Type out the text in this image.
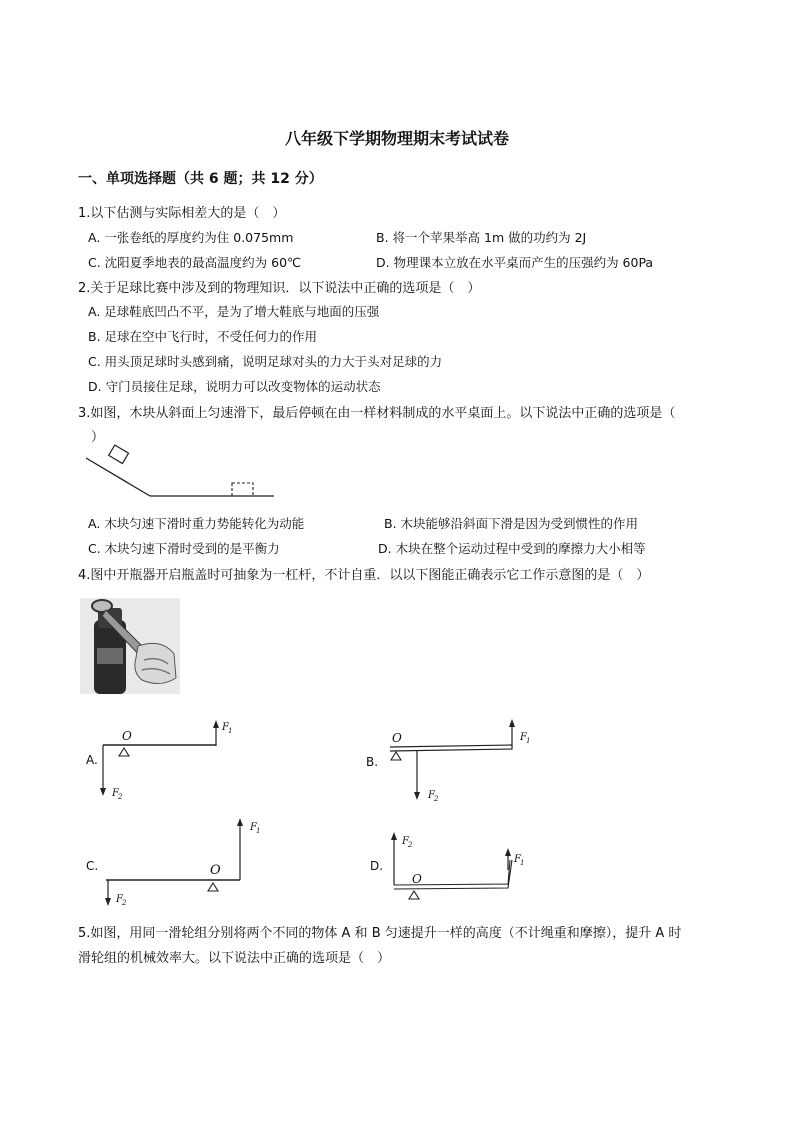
八年级下学期物理期末考试试卷
一、单项选择题（共 6 题；共 12 分）
1.以下估测与实际相差大的是（　）
A. 一张卷纸的厚度约为住 0.075mm	B. 将一个苹果举高 1m 做的功约为 2J
C. 沈阳夏季地表的最高温度约为 60℃	D. 物理课本立放在水平桌而产生的压强约为 60Pa
2.关于足球比赛中涉及到的物理知识．以下说法中正确的选项是（　）
A. 足球鞋底凹凸不平，是为了增大鞋底与地面的压强
B. 足球在空中飞行时，不受任何力的作用
C. 用头顶足球时头感到痛，说明足球对头的力大于头对足球的力
D. 守门员接住足球，说明力可以改变物体的运动状态
3.如图，木块从斜面上匀速滑下，最后停顿在由一样材料制成的水平桌面上。以下说法中正确的选项是（
　）
A. 木块匀速下滑时重力势能转化为动能	B. 木块能够沿斜面下滑是因为受到惯性的作用
C. 木块匀速下滑时受到的是平衡力	D. 木块在整个运动过程中受到的摩擦力大小相等
4.图中开瓶器开启瓶盖时可抽象为一杠杆，不计自重．以以下图能正确表示它工作示意图的是（　）
A.
O
F 1
F 2
B.
O	F 1
F 2
C.	O
F 1
F 2
D.
O
F 2
F 1
5.如图，用同一滑轮组分别将两个不同的物体 A 和 B 匀速提升一样的高度（不计绳重和摩擦），提升 A 时
滑轮组的机械效率大。以下说法中正确的选项是（　）
